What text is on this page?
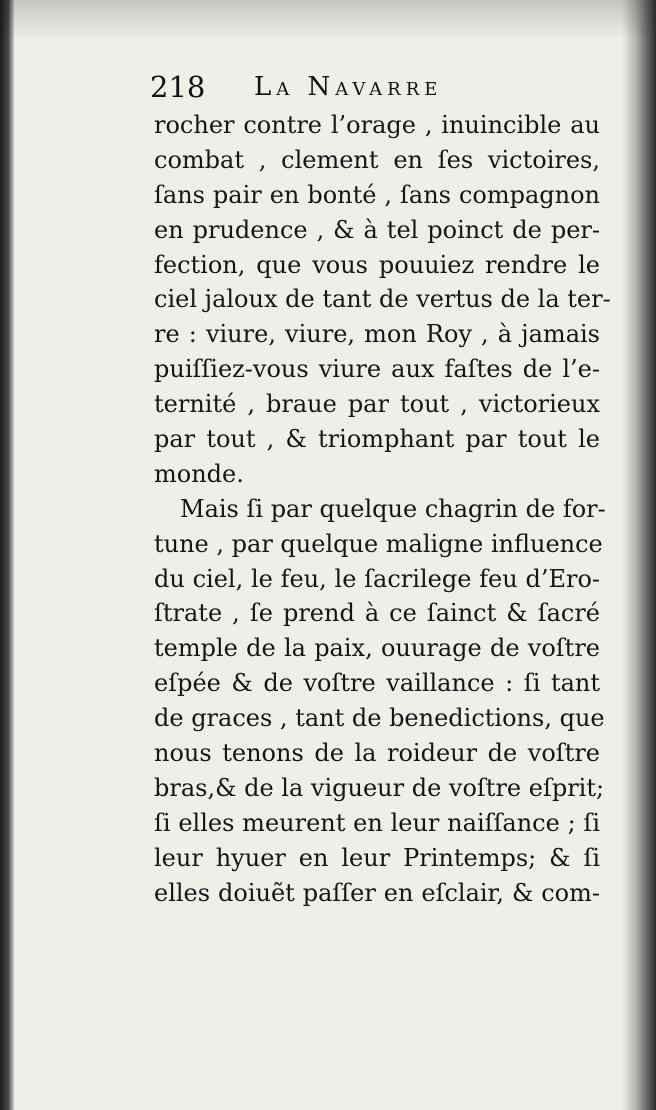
218 La Navarre
rocher contre l’orage , inuincible au
combat , clement en ſes victoires,
ſans pair en bonté , ſans compagnon
en prudence , & à tel poinct de per-
fection, que vous pouuiez rendre le
ciel jaloux de tant de vertus de la ter-
re : viure, viure, mon Roy , à jamais
puiſſiez-vous viure aux faſtes de l’e-
ternité , braue par tout , victorieux
par tout , & triomphant par tout le
monde.
Mais ſi par quelque chagrin de for-
tune , par quelque maligne influence
du ciel, le feu, le ſacrilege feu d’Ero-
ſtrate , ſe prend à ce ſainct & ſacré
temple de la paix, ouurage de voſtre
eſpée & de voſtre vaillance : ſi tant
de graces , tant de benedictions, que
nous tenons de la roideur de voſtre
bras,& de la vigueur de voſtre eſprit;
ſi elles meurent en leur naiſſance ; ſi
leur hyuer en leur Printemps; & ſi
elles doiuẽt paſſer en eſclair, & com-
